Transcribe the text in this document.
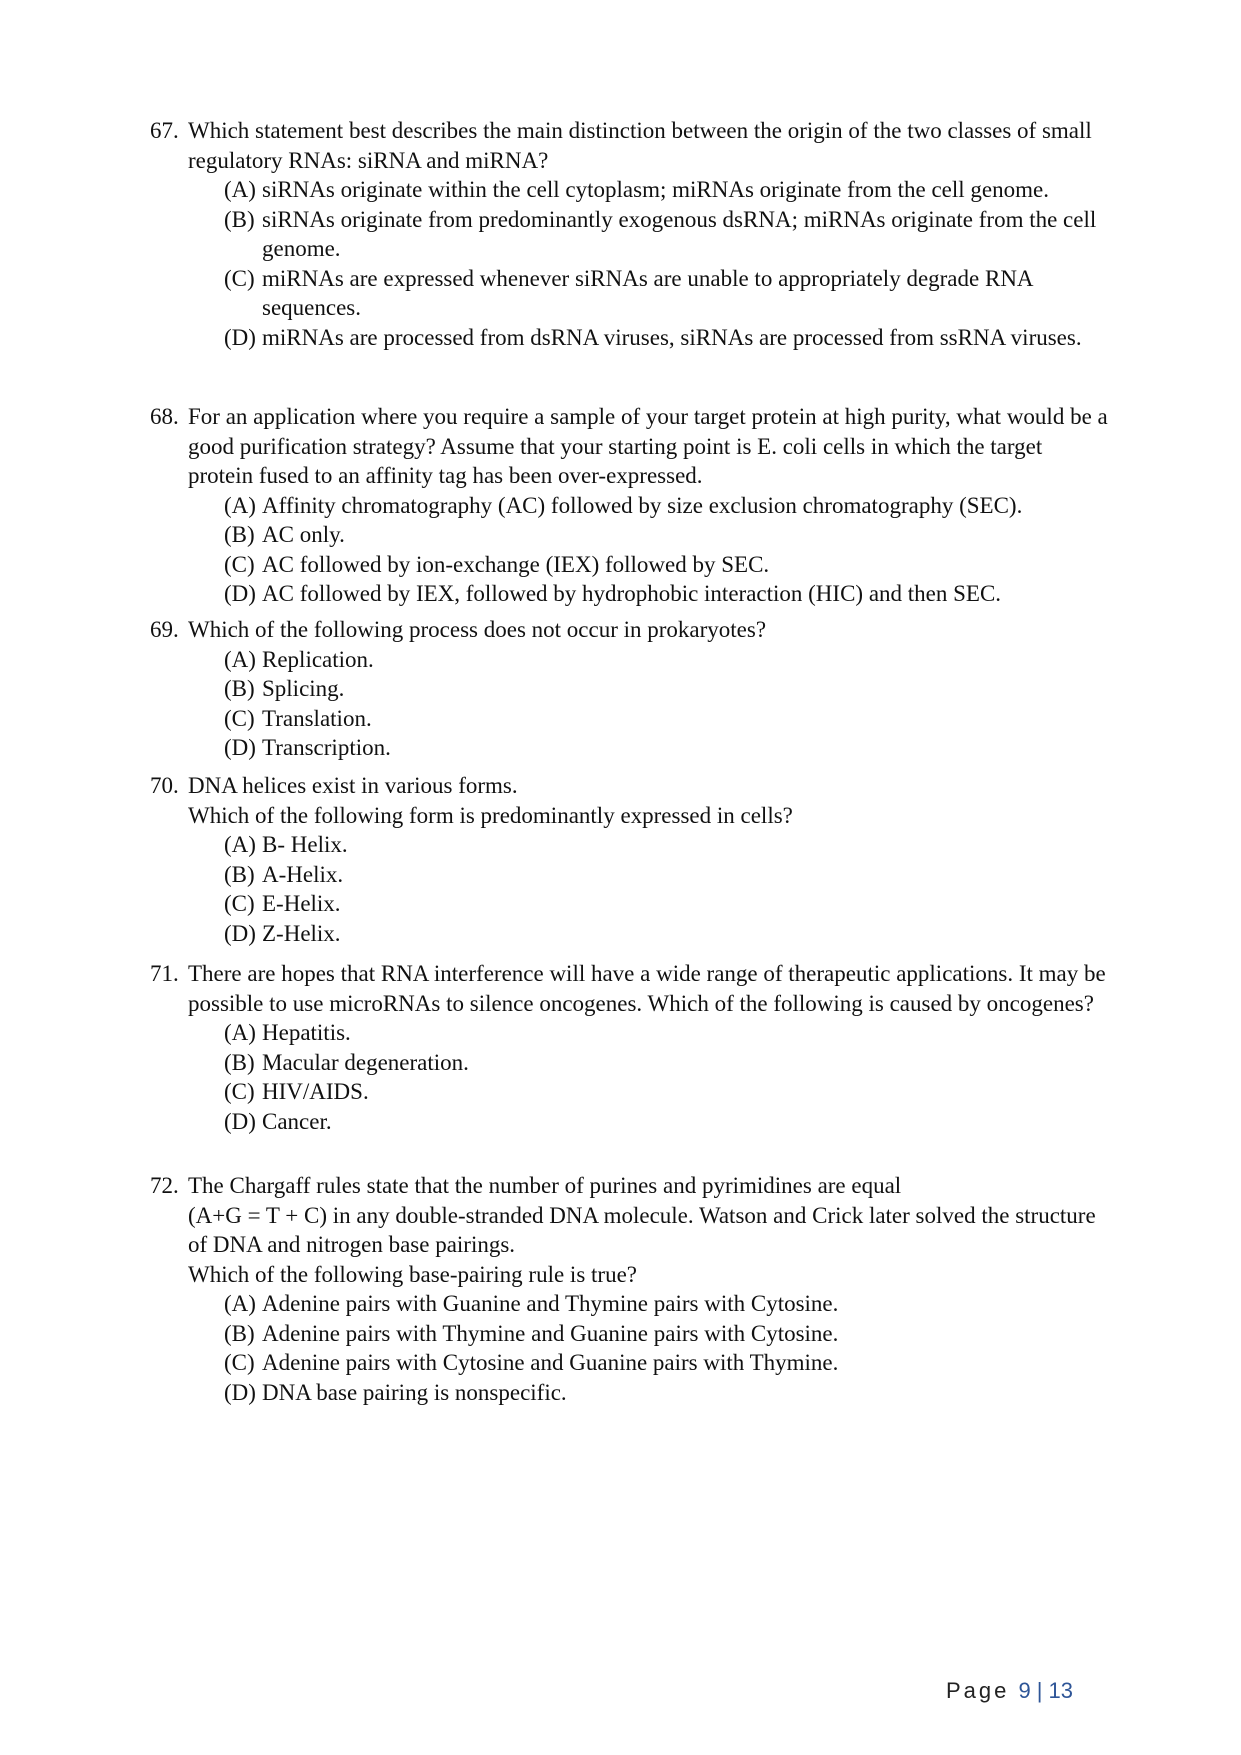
67. Which statement best describes the main distinction between the origin of the two classes of small regulatory RNAs: siRNA and miRNA?
(A) siRNAs originate within the cell cytoplasm; miRNAs originate from the cell genome.
(B) siRNAs originate from predominantly exogenous dsRNA; miRNAs originate from the cell genome.
(C) miRNAs are expressed whenever siRNAs are unable to appropriately degrade RNA sequences.
(D) miRNAs are processed from dsRNA viruses, siRNAs are processed from ssRNA viruses.
68. For an application where you require a sample of your target protein at high purity, what would be a good purification strategy? Assume that your starting point is E. coli cells in which the target protein fused to an affinity tag has been over-expressed.
(A) Affinity chromatography (AC) followed by size exclusion chromatography (SEC).
(B) AC only.
(C) AC followed by ion-exchange (IEX) followed by SEC.
(D) AC followed by IEX, followed by hydrophobic interaction (HIC) and then SEC.
69. Which of the following process does not occur in prokaryotes?
(A) Replication.
(B) Splicing.
(C) Translation.
(D) Transcription.
70. DNA helices exist in various forms.
Which of the following form is predominantly expressed in cells?
(A) B- Helix.
(B) A-Helix.
(C) E-Helix.
(D) Z-Helix.
71. There are hopes that RNA interference will have a wide range of therapeutic applications. It may be possible to use microRNAs to silence oncogenes. Which of the following is caused by oncogenes?
(A) Hepatitis.
(B) Macular degeneration.
(C) HIV/AIDS.
(D) Cancer.
72. The Chargaff rules state that the number of purines and pyrimidines are equal
(A+G = T + C) in any double-stranded DNA molecule. Watson and Crick later solved the structure of DNA and nitrogen base pairings.
Which of the following base-pairing rule is true?
(A) Adenine pairs with Guanine and Thymine pairs with Cytosine.
(B) Adenine pairs with Thymine and Guanine pairs with Cytosine.
(C) Adenine pairs with Cytosine and Guanine pairs with Thymine.
(D) DNA base pairing is nonspecific.
Page 9 | 13
